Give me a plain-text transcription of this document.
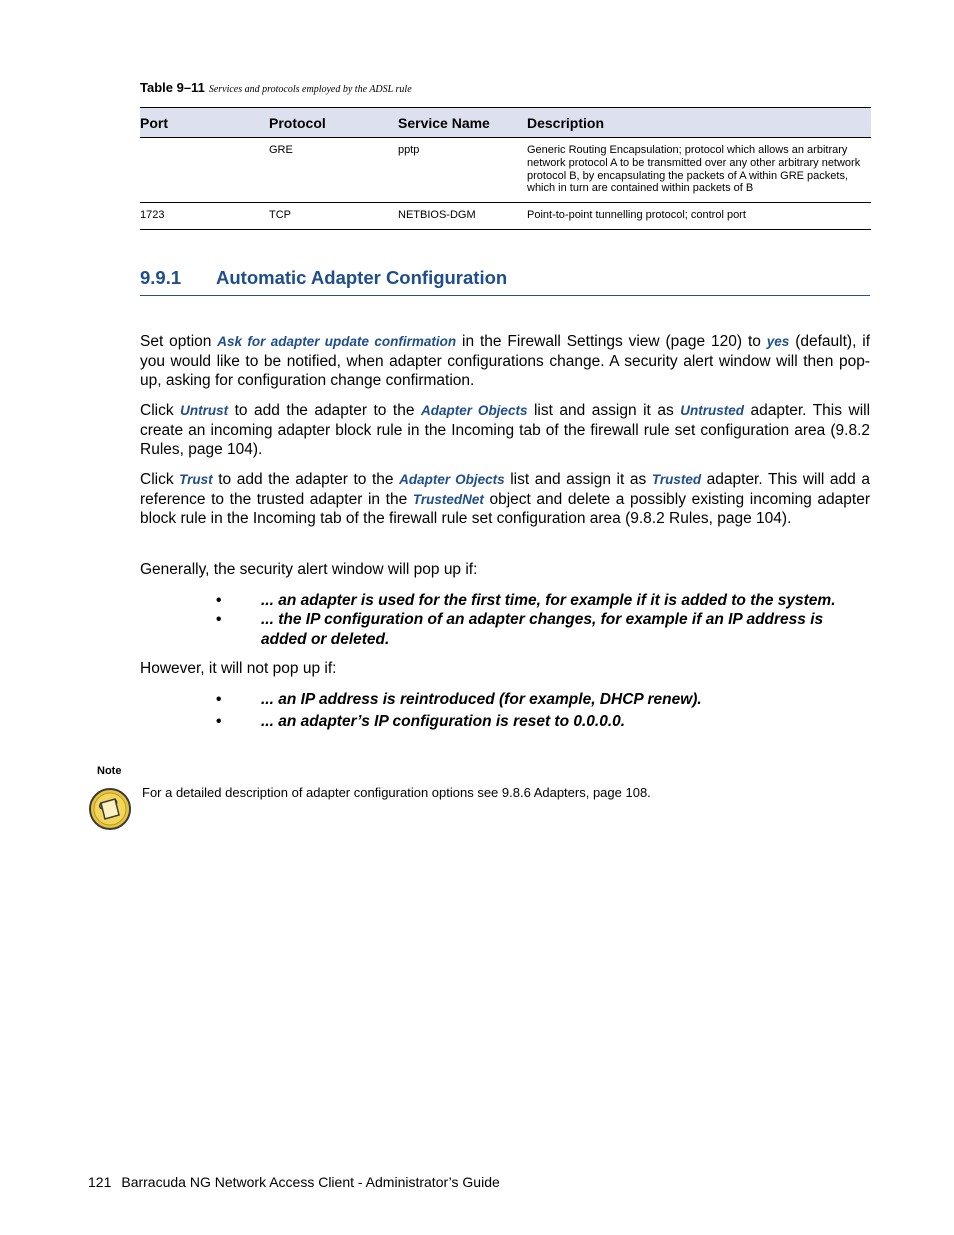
Table 9–11 Services and protocols employed by the ADSL rule
Port	Protocol	Service Name	Description
	GRE	pptp	Generic Routing Encapsulation; protocol which allows an arbitrary network protocol A to be transmitted over any other arbitrary network protocol B, by encapsulating the packets of A within GRE packets, which in turn are contained within packets of B
1723	TCP	NETBIOS-DGM	Point-to-point tunnelling protocol; control port
9.9.1 Automatic Adapter Configuration

Set option Ask for adapter update confirmation in the Firewall Settings view (page 120) to yes (default), if you would like to be notified, when adapter configurations change. A security alert window will then pop-up, asking for configuration change confirmation.

Click Untrust to add the adapter to the Adapter Objects list and assign it as Untrusted adapter. This will create an incoming adapter block rule in the Incoming tab of the firewall rule set configuration area (9.8.2 Rules, page 104).

Click Trust to add the adapter to the Adapter Objects list and assign it as Trusted adapter. This will add a reference to the trusted adapter in the TrustedNet object and delete a possibly existing incoming adapter block rule in the Incoming tab of the firewall rule set configuration area (9.8.2 Rules, page 104).

Generally, the security alert window will pop up if:

•	... an adapter is used for the first time, for example if it is added to the system.
•	... the IP configuration of an adapter changes, for example if an IP address is added or deleted.

However, it will not pop up if:

•	... an IP address is reintroduced (for example, DHCP renew).
•	... an adapter’s IP configuration is reset to 0.0.0.0.
Note
For a detailed description of adapter configuration options see 9.8.6 Adapters, page 108.
121 Barracuda NG Network Access Client - Administrator’s Guide
